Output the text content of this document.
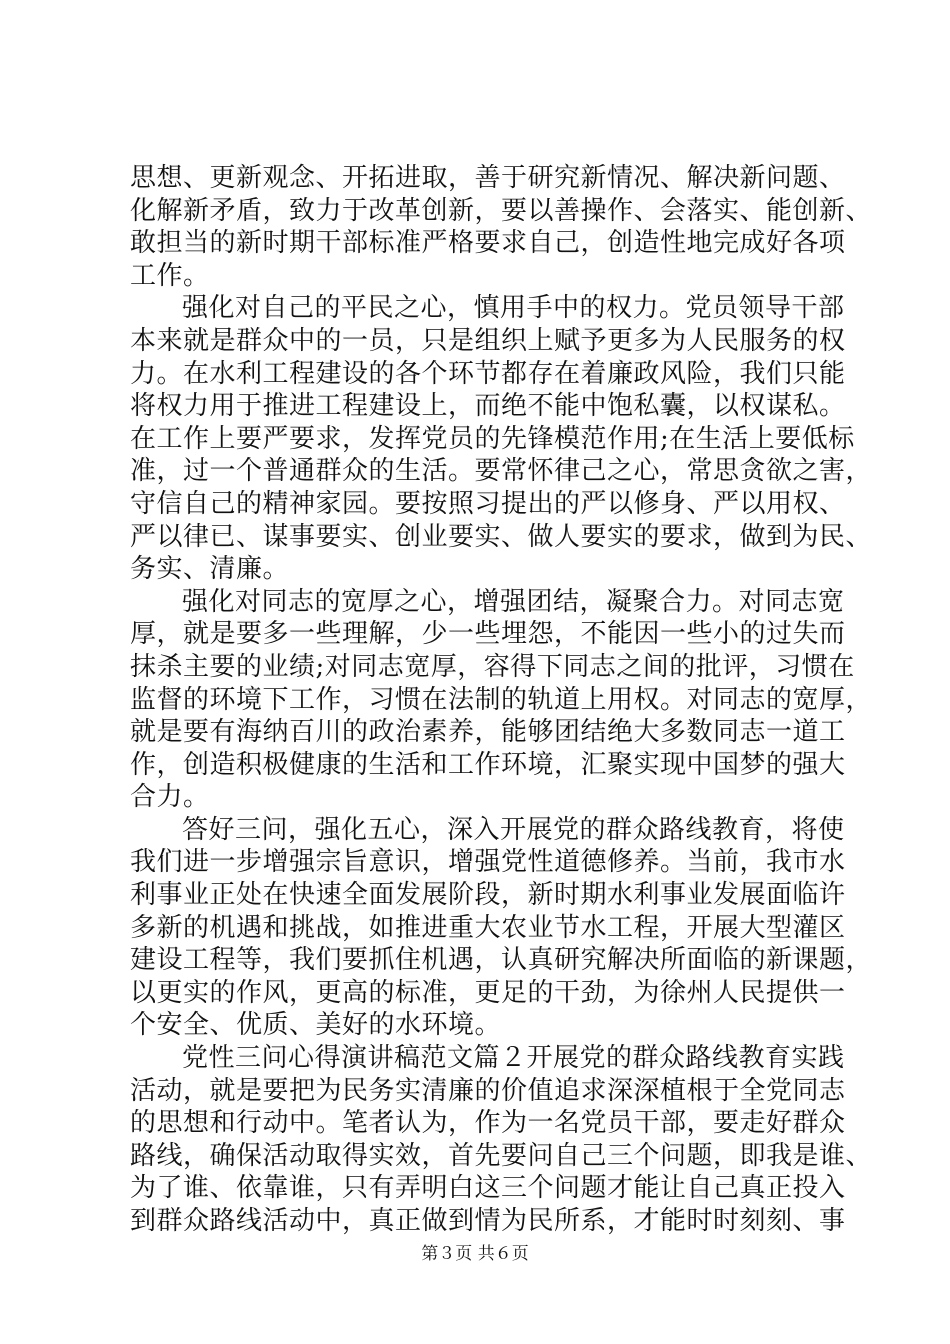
思想、更新观念、开拓进取，善于研究新情况、解决新问题、
化解新矛盾，致力于改革创新，要以善操作、会落实、能创新、
敢担当的新时期干部标准严格要求自己，创造性地完成好各项
工作。
强化对自己的平民之心，慎用手中的权力。党员领导干部
本来就是群众中的一员，只是组织上赋予更多为人民服务的权
力。在水利工程建设的各个环节都存在着廉政风险，我们只能
将权力用于推进工程建设上，而绝不能中饱私囊，以权谋私。
在工作上要严要求，发挥党员的先锋模范作用;在生活上要低标
准，过一个普通群众的生活。要常怀律己之心，常思贪欲之害，
守信自己的精神家园。要按照习提出的严以修身、严以用权、
严以律已、谋事要实、创业要实、做人要实的要求，做到为民、
务实、清廉。
强化对同志的宽厚之心，增强团结，凝聚合力。对同志宽
厚，就是要多一些理解，少一些埋怨，不能因一些小的过失而
抹杀主要的业绩;对同志宽厚，容得下同志之间的批评，习惯在
监督的环境下工作，习惯在法制的轨道上用权。对同志的宽厚，
就是要有海纳百川的政治素养，能够团结绝大多数同志一道工
作，创造积极健康的生活和工作环境，汇聚实现中国梦的强大
合力。
答好三问，强化五心，深入开展党的群众路线教育，将使
我们进一步增强宗旨意识，增强党性道德修养。当前，我市水
利事业正处在快速全面发展阶段，新时期水利事业发展面临许
多新的机遇和挑战，如推进重大农业节水工程，开展大型灌区
建设工程等，我们要抓住机遇，认真研究解决所面临的新课题，
以更实的作风，更高的标准，更足的干劲，为徐州人民提供一
个安全、优质、美好的水环境。
党性三问心得演讲稿范文篇２开展党的群众路线教育实践
活动，就是要把为民务实清廉的价值追求深深植根于全党同志
的思想和行动中。笔者认为，作为一名党员干部，要走好群众
路线，确保活动取得实效，首先要问自己三个问题，即我是谁、
为了谁、依靠谁，只有弄明白这三个问题才能让自己真正投入
到群众路线活动中，真正做到情为民所系，才能时时刻刻、事
第３页 共６页
